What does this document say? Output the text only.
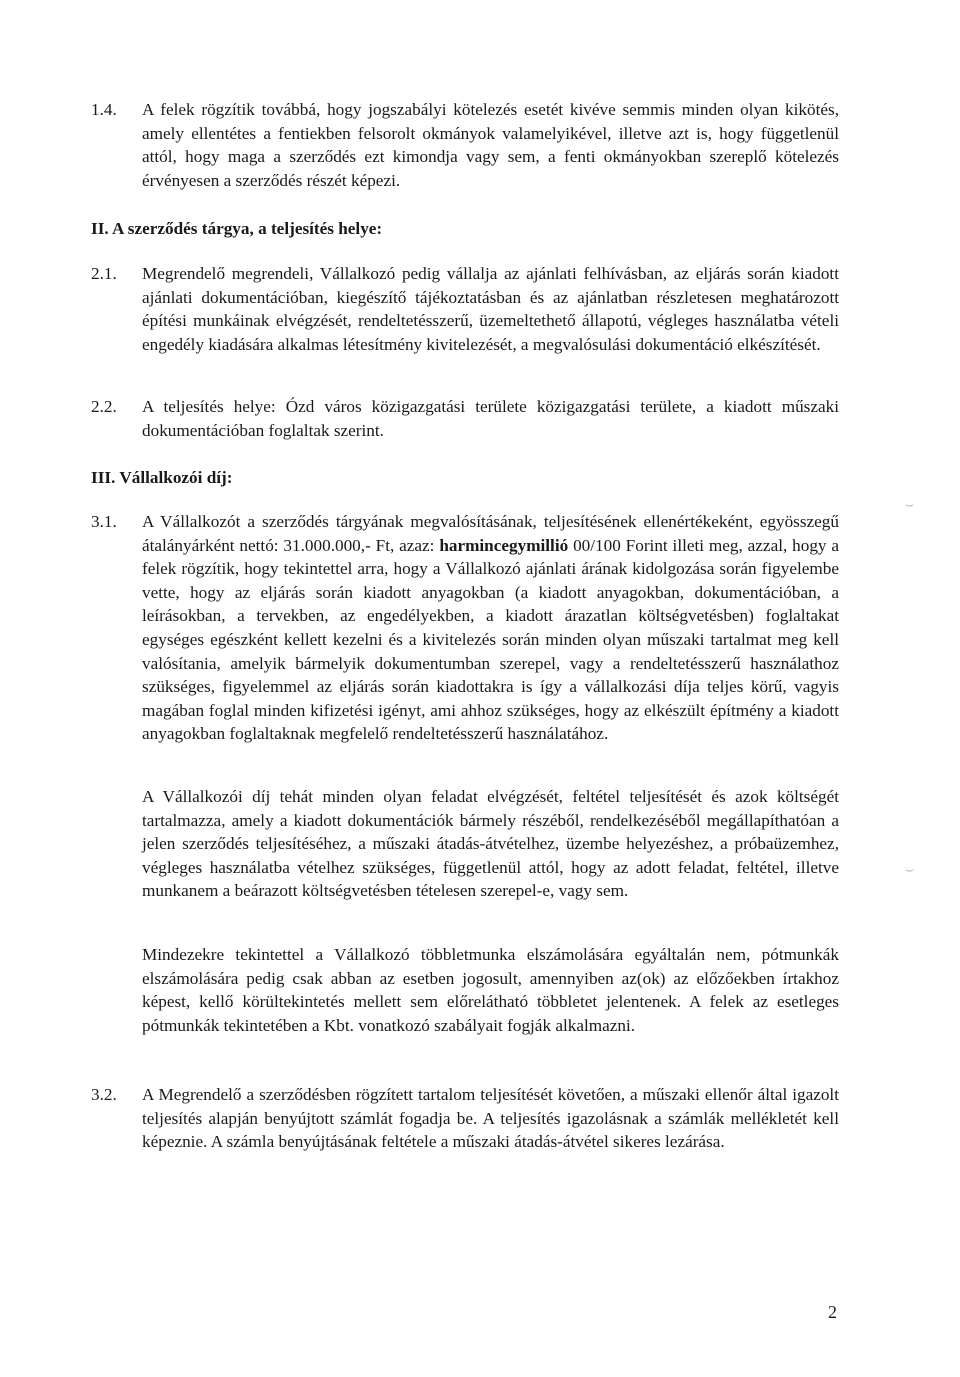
1.4. A felek rögzítik továbbá, hogy jogszabályi kötelezés esetét kivéve semmis minden olyan kikötés, amely ellentétes a fentiekben felsorolt okmányok valamelyikével, illetve azt is, hogy függetlenül attól, hogy maga a szerződés ezt kimondja vagy sem, a fenti okmányokban szereplő kötelezés érvényesen a szerződés részét képezi.

II. A szerződés tárgya, a teljesítés helye:
2.1. Megrendelő megrendeli, Vállalkozó pedig vállalja az ajánlati felhívásban, az eljárás során kiadott ajánlati dokumentációban, kiegészítő tájékoztatásban és az ajánlatban részletesen meghatározott építési munkáinak elvégzését, rendeltetésszerű, üzemeltethető állapotú, végleges használatba vételi engedély kiadására alkalmas létesítmény kivitelezését, a megvalósulási dokumentáció elkészítését.

2.2. A teljesítés helye: Ózd város közigazgatási területe közigazgatási területe, a kiadott műszaki dokumentációban foglaltak szerint.

III. Vállalkozói díj:
3.1. A Vállalkozót a szerződés tárgyának megvalósításának, teljesítésének ellenértékeként, egyösszegű átalányárként nettó: 31.000.000,- Ft, azaz: harmincegymillió 00/100 Forint illeti meg, azzal, hogy a felek rögzítik, hogy tekintettel arra, hogy a Vállalkozó ajánlati árának kidolgozása során figyelembe vette, hogy az eljárás során kiadott anyagokban (a kiadott anyagokban, dokumentációban, a leírásokban, a tervekben, az engedélyekben, a kiadott árazatlan költségvetésben) foglaltakat egységes egészként kellett kezelni és a kivitelezés során minden olyan műszaki tartalmat meg kell valósítania, amelyik bármelyik dokumentumban szerepel, vagy a rendeltetésszerű használathoz szükséges, figyelemmel az eljárás során kiadottakra is így a vállalkozási díja teljes körű, vagyis magában foglal minden kifizetési igényt, ami ahhoz szükséges, hogy az elkészült építmény a kiadott anyagokban foglaltaknak megfelelő rendeltetésszerű használatához.

A Vállalkozói díj tehát minden olyan feladat elvégzését, feltétel teljesítését és azok költségét tartalmazza, amely a kiadott dokumentációk bármely részéből, rendelkezéséből megállapíthatóan a jelen szerződés teljesítéséhez, a műszaki átadás-átvételhez, üzembe helyezéshez, a próbaüzemhez, végleges használatba vételhez szükséges, függetlenül attól, hogy az adott feladat, feltétel, illetve munkanem a beárazott költségvetésben tételesen szerepel-e, vagy sem.

Mindezekre tekintettel a Vállalkozó többletmunka elszámolására egyáltalán nem, pótmunkák elszámolására pedig csak abban az esetben jogosult, amennyiben az(ok) az előzőekben írtakhoz képest, kellő körültekintetés mellett sem előrelátható többletet jelentenek. A felek az esetleges pótmunkák tekintetében a Kbt. vonatkozó szabályait fogják alkalmazni.

3.2. A Megrendelő a szerződésben rögzített tartalom teljesítését követően, a műszaki ellenőr által igazolt teljesítés alapján benyújtott számlát fogadja be. A teljesítés igazolásnak a számlák mellékletét kell képeznie. A számla benyújtásának feltétele a műszaki átadás-átvétel sikeres lezárása.

2
⌣
⌣
